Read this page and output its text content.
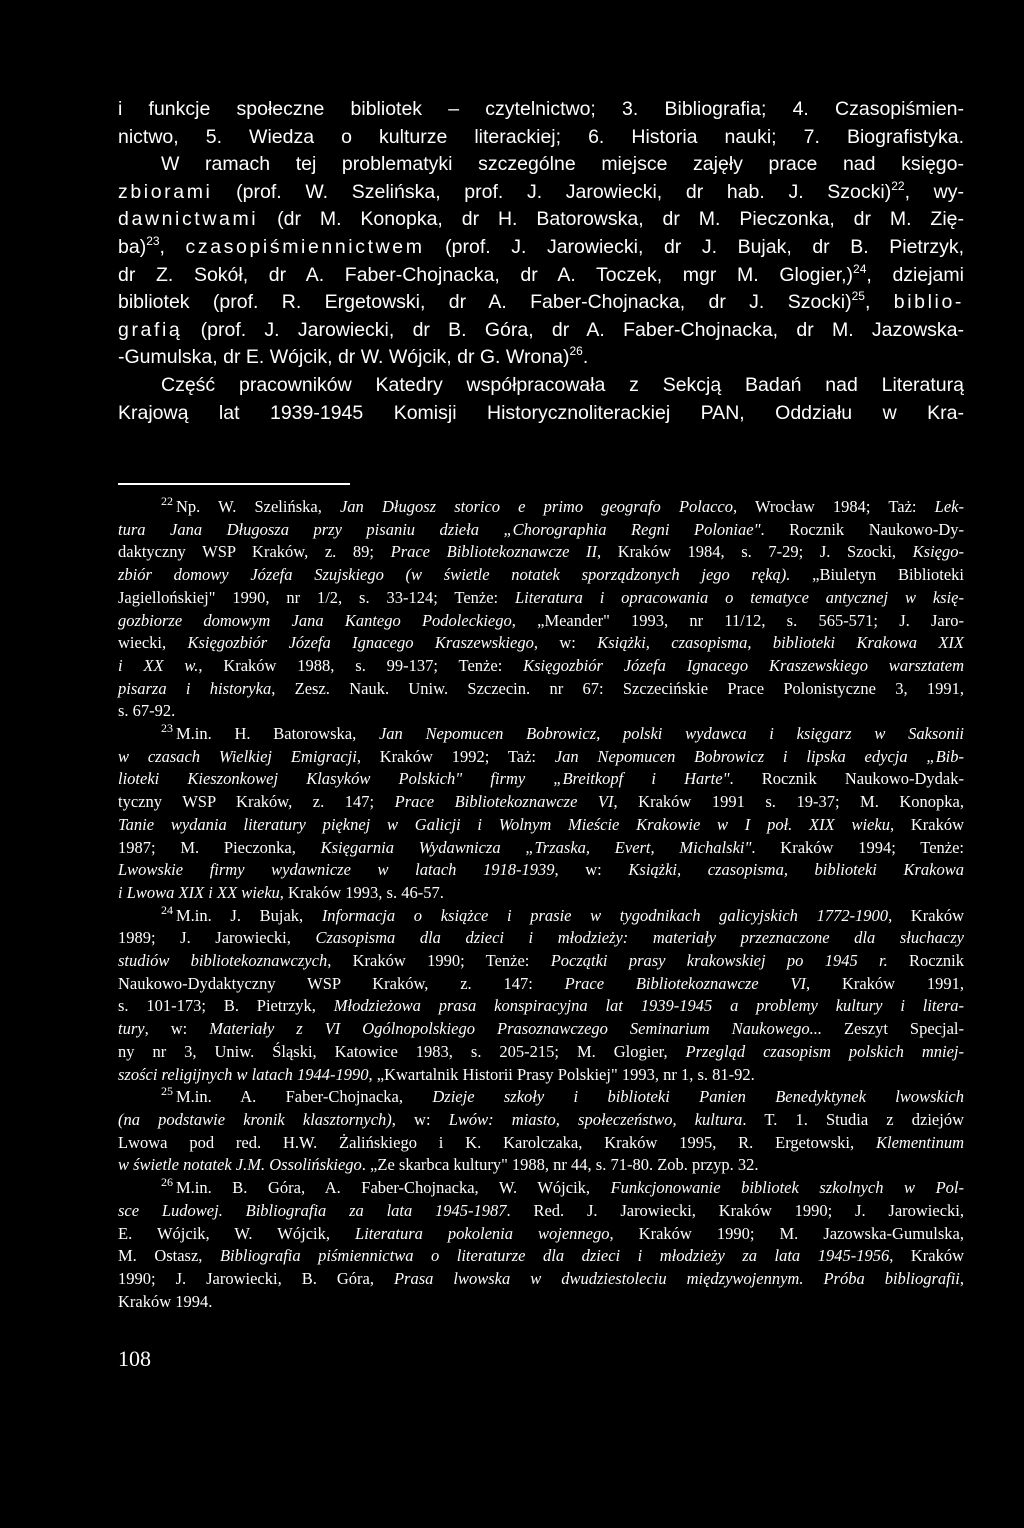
i funkcje społeczne bibliotek – czytelnictwo; 3. Bibliografia; 4. Czasopiśmien-
nictwo, 5. Wiedza o kulturze literackiej; 6. Historia nauki; 7. Biografistyka.
W ramach tej problematyki szczególne miejsce zajęły prace nad księgo-
zbiorami (prof. W. Szelińska, prof. J. Jarowiecki, dr hab. J. Szocki)$^{22}$, wy-
dawnictwami (dr M. Konopka, dr H. Batorowska, dr M. Pieczonka, dr M. Zię-
ba)$^{23}$, czasopiśmiennictwem (prof. J. Jarowiecki, dr J. Bujak, dr B. Pietrzyk,
dr Z. Sokół, dr A. Faber-Chojnacka, dr A. Toczek, mgr M. Glogier,)$^{24}$, dziejami
bibliotek (prof. R. Ergetowski, dr A. Faber-Chojnacka, dr J. Szocki)$^{25}$, biblio-
grafią (prof. J. Jarowiecki, dr B. Góra, dr A. Faber-Chojnacka, dr M. Jazowska-
-Gumulska, dr E. Wójcik, dr W. Wójcik, dr G. Wrona)$^{26}$.
Część pracowników Katedry współpracowała z Sekcją Badań nad Literaturą
Krajową lat 1939-1945 Komisji Historycznoliterackiej PAN, Oddziału w Kra-
$^{22}$ Np. W. Szelińska, Jan Długosz storico e primo geografo Polacco, Wrocław 1984; Taż: Lek-
tura Jana Długosza przy pisaniu dzieła „Chorographia Regni Poloniae". Rocznik Naukowo-Dy-
daktyczny WSP Kraków, z. 89; Prace Bibliotekoznawcze II, Kraków 1984, s. 7-29; J. Szocki, Księgo-
zbiór domowy Józefa Szujskiego (w świetle notatek sporządzonych jego ręką). „Biuletyn Biblioteki
Jagiellońskiej" 1990, nr 1/2, s. 33-124; Tenże: Literatura i opracowania o tematyce antycznej w księ-
gozbiorze domowym Jana Kantego Podoleckiego, „Meander" 1993, nr 11/12, s. 565-571; J. Jaro-
wiecki, Księgozbiór Józefa Ignacego Kraszewskiego, w: Książki, czasopisma, biblioteki Krakowa XIX
i XX w., Kraków 1988, s. 99-137; Tenże: Księgozbiór Józefa Ignacego Kraszewskiego warsztatem
pisarza i historyka, Zesz. Nauk. Uniw. Szczecin. nr 67: Szczecińskie Prace Polonistyczne 3, 1991,
s. 67-92.
$^{23}$ M.in. H. Batorowska, Jan Nepomucen Bobrowicz, polski wydawca i księgarz w Saksonii
w czasach Wielkiej Emigracji, Kraków 1992; Taż: Jan Nepomucen Bobrowicz i lipska edycja „Bib-
lioteki Kieszonkowej Klasyków Polskich" firmy „Breitkopf i Harte". Rocznik Naukowo-Dydak-
tyczny WSP Kraków, z. 147; Prace Bibliotekoznawcze VI, Kraków 1991 s. 19-37; M. Konopka,
Tanie wydania literatury pięknej w Galicji i Wolnym Mieście Krakowie w I poł. XIX wieku, Kraków
1987; M. Pieczonka, Księgarnia Wydawnicza „Trzaska, Evert, Michalski". Kraków 1994; Tenże:
Lwowskie firmy wydawnicze w latach 1918-1939, w: Książki, czasopisma, biblioteki Krakowa
i Lwowa XIX i XX wieku, Kraków 1993, s. 46-57.
$^{24}$ M.in. J. Bujak, Informacja o książce i prasie w tygodnikach galicyjskich 1772-1900, Kraków
1989; J. Jarowiecki, Czasopisma dla dzieci i młodzieży: materiały przeznaczone dla słuchaczy
studiów bibliotekoznawczych, Kraków 1990; Tenże: Początki prasy krakowskiej po 1945 r. Rocznik
Naukowo-Dydaktyczny WSP Kraków, z. 147: Prace Bibliotekoznawcze VI, Kraków 1991,
s. 101-173; B. Pietrzyk, Młodzieżowa prasa konspiracyjna lat 1939-1945 a problemy kultury i litera-
tury, w: Materiały z VI Ogólnopolskiego Prasoznawczego Seminarium Naukowego... Zeszyt Specjal-
ny nr 3, Uniw. Śląski, Katowice 1983, s. 205-215; M. Glogier, Przegląd czasopism polskich mniej-
szości religijnych w latach 1944-1990, „Kwartalnik Historii Prasy Polskiej" 1993, nr 1, s. 81-92.
$^{25}$ M.in. A. Faber-Chojnacka, Dzieje szkoły i biblioteki Panien Benedyktynek lwowskich
(na podstawie kronik klasztornych), w: Lwów: miasto, społeczeństwo, kultura. T. 1. Studia z dziejów
Lwowa pod red. H.W. Żalińskiego i K. Karolczaka, Kraków 1995, R. Ergetowski, Klementinum
w świetle notatek J.M. Ossolińskiego. „Ze skarbca kultury" 1988, nr 44, s. 71-80. Zob. przyp. 32.
$^{26}$ M.in. B. Góra, A. Faber-Chojnacka, W. Wójcik, Funkcjonowanie bibliotek szkolnych w Pol-
sce Ludowej. Bibliografia za lata 1945-1987. Red. J. Jarowiecki, Kraków 1990; J. Jarowiecki,
E. Wójcik, W. Wójcik, Literatura pokolenia wojennego, Kraków 1990; M. Jazowska-Gumulska,
M. Ostasz, Bibliografia piśmiennictwa o literaturze dla dzieci i młodzieży za lata 1945-1956, Kraków
1990; J. Jarowiecki, B. Góra, Prasa lwowska w dwudziestoleciu międzywojennym. Próba bibliografii,
Kraków 1994.
108
